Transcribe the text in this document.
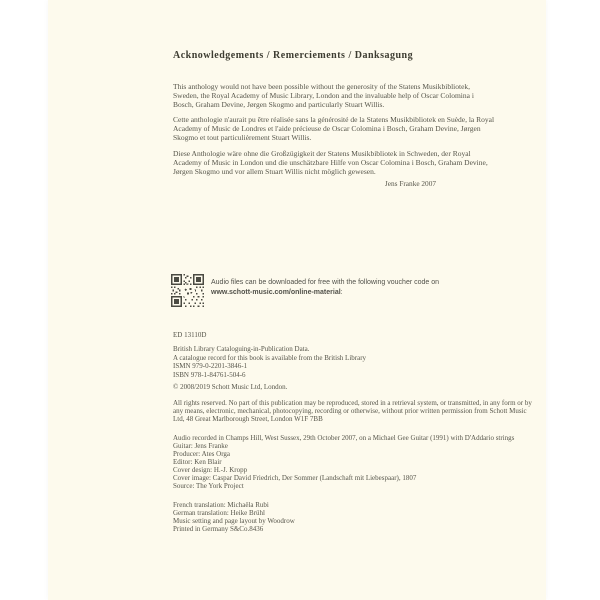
Acknowledgements / Remerciements / Danksagung
This anthology would not have been possible without the generosity of the Statens Musikbibliotek, Sweden, the Royal Academy of Music Library, London and the invaluable help of Oscar Colomina i Bosch, Graham Devine, Jørgen Skogmo and particularly Stuart Willis.
Cette anthologie n'aurait pu être réalisée sans la générosité de la Statens Musikbibliotek en Suède, la Royal Academy of Music de Londres et l'aide précieuse de Oscar Colomina i Bosch, Graham Devine, Jørgen Skogmo et tout particulièrement Stuart Willis.
Diese Anthologie wäre ohne die Großzügigkeit der Statens Musikbibliotek in Schweden, der Royal Academy of Music in London und die unschätzbare Hilfe von Oscar Colomina i Bosch, Graham Devine, Jørgen Skogmo und vor allem Stuart Willis nicht möglich gewesen.
Jens Franke 2007
Audio files can be downloaded for free with the following voucher code on
www.schott-music.com/online-material:
ED 13110D
British Library Cataloguing-in-Publication Data.
A catalogue record for this book is available from the British Library
ISMN 979-0-2201-3846-1
ISBN 978-1-84761-504-6
© 2008/2019 Schott Music Ltd, London.
All rights reserved. No part of this publication may be reproduced, stored in a retrieval system, or transmitted, in any form or by any means, electronic, mechanical, photocopying, recording or otherwise, without prior written permission from Schott Music Ltd, 48 Great Marlborough Street, London W1F 7BB
Audio recorded in Champs Hill, West Sussex, 29th October 2007, on a Michael Gee Guitar (1991) with D'Addario strings
Guitar: Jens Franke
Producer: Ates Orga
Editor: Ken Blair
Cover design: H.-J. Kropp
Cover image: Caspar David Friedrich, Der Sommer (Landschaft mit Liebespaar), 1807
Source: The York Project
French translation: Michaëla Rubi
German translation: Heike Brühl
Music setting and page layout by Woodrow
Printed in Germany S&Co.8436
